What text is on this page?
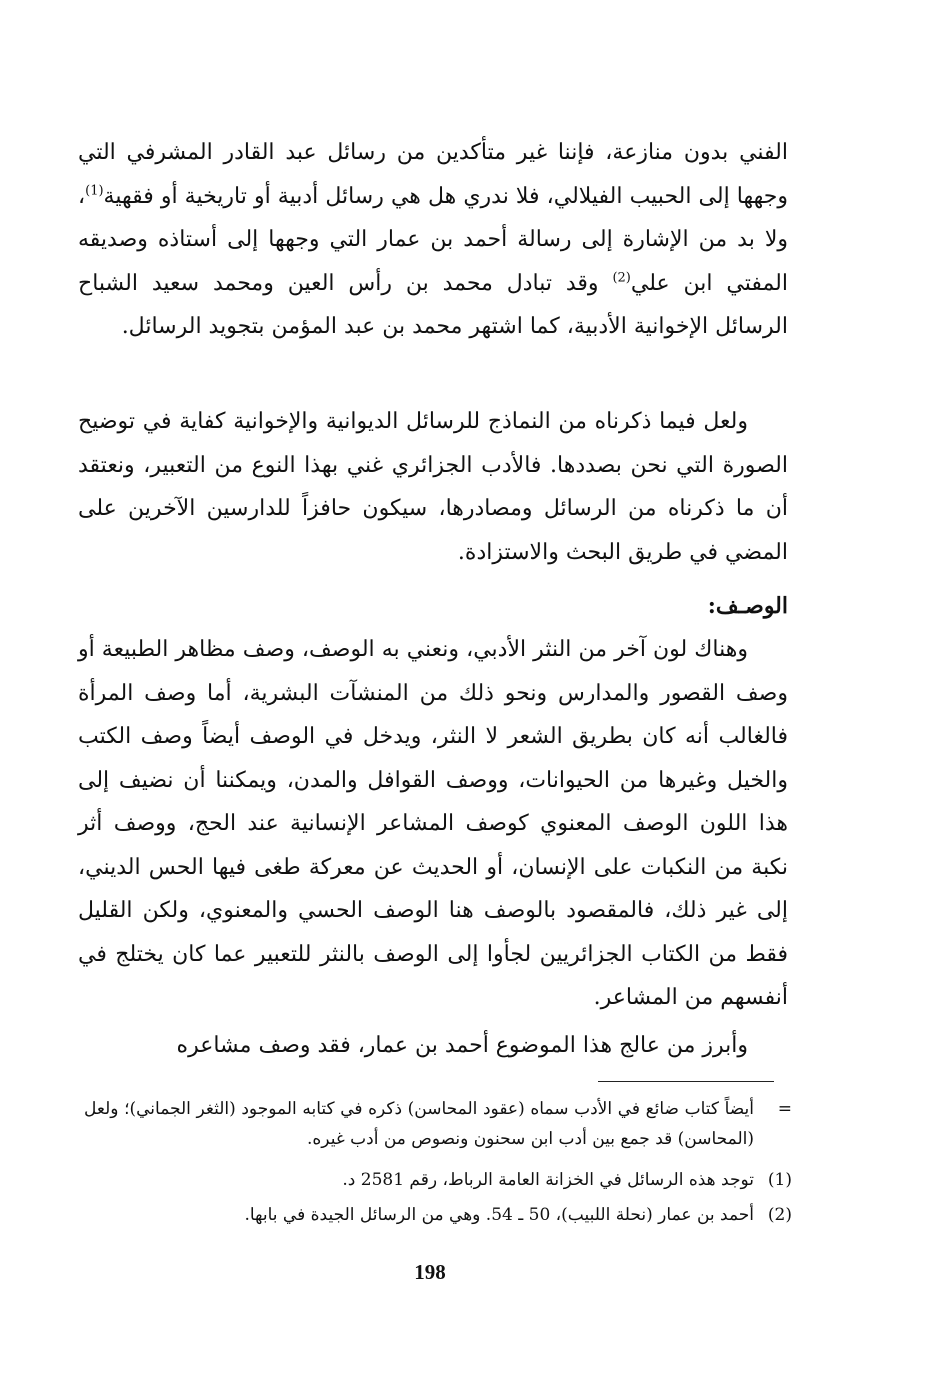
الفني بدون منازعة، فإننا غير متأكدين من رسائل عبد القادر المشرفي التي وجهها إلى الحبيب الفيلالي، فلا ندري هل هي رسائل أدبية أو تاريخية أو فقهية$^{(1)}$، ولا بد من الإشارة إلى رسالة أحمد بن عمار التي وجهها إلى أستاذه وصديقه المفتي ابن علي$^{(2)}$ وقد تبادل محمد بن رأس العين ومحمد سعيد الشباح الرسائل الإخوانية الأدبية، كما اشتهر محمد بن عبد المؤمن بتجويد الرسائل.

ولعل فيما ذكرناه من النماذج للرسائل الديوانية والإخوانية كفاية في توضيح الصورة التي نحن بصددها. فالأدب الجزائري غني بهذا النوع من التعبير، ونعتقد أن ما ذكرناه من الرسائل ومصادرها، سيكون حافزاً للدارسين الآخرين على المضي في طريق البحث والاستزادة.

الوصـف:

وهناك لون آخر من النثر الأدبي، ونعني به الوصف، وصف مظاهر الطبيعة أو وصف القصور والمدارس ونحو ذلك من المنشآت البشرية، أما وصف المرأة فالغالب أنه كان بطريق الشعر لا النثر، ويدخل في الوصف أيضاً وصف الكتب والخيل وغيرها من الحيوانات، ووصف القوافل والمدن، ويمكننا أن نضيف إلى هذا اللون الوصف المعنوي كوصف المشاعر الإنسانية عند الحج، ووصف أثر نكبة من النكبات على الإنسان، أو الحديث عن معركة طغى فيها الحس الديني، إلى غير ذلك، فالمقصود بالوصف هنا الوصف الحسي والمعنوي، ولكن القليل فقط من الكتاب الجزائريين لجأوا إلى الوصف بالنثر للتعبير عما كان يختلج في أنفسهم من المشاعر.

وأبرز من عالج هذا الموضوع أحمد بن عمار، فقد وصف مشاعره

=
أيضاً كتاب ضائع في الأدب سماه (عقود المحاسن) ذكره في كتابه الموجود (الثغر الجماني)؛ ولعل (المحاسن) قد جمع بين أدب ابن سحنون ونصوص من أدب غيره.
(1)
توجد هذه الرسائل في الخزانة العامة الرباط، رقم 2581 د.
(2)
أحمد بن عمار (نحلة اللبيب)، 50 ـ 54. وهي من الرسائل الجيدة في بابها.
198
